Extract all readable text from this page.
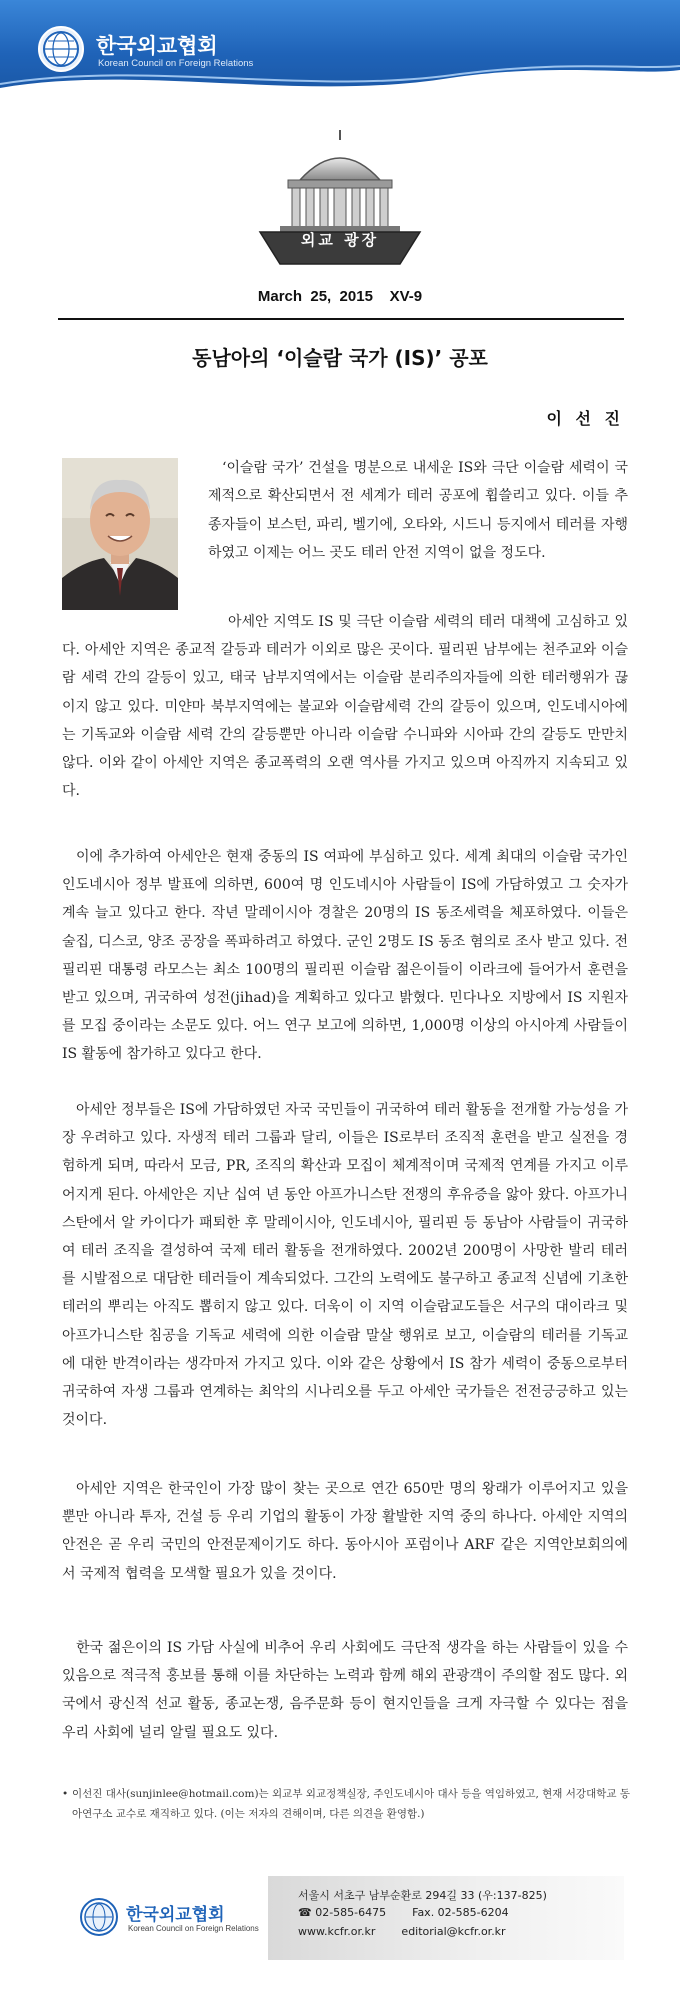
한국외교협회
Korean Council on Foreign Relations
외교 광장
March  25,  2015    XV-9
동남아의 ‘이슬람 국가 (IS)’ 공포
이 선 진
‘이슬람 국가’ 건설을 명분으로 내세운 IS와 극단 이슬람 세력이 국제적으로 확산되면서 전 세계가 테러 공포에 휩쓸리고 있다. 이들 추종자들이 보스턴, 파리, 벨기에, 오타와, 시드니 등지에서 테러를 자행하였고 이제는 어느 곳도 테러 안전 지역이 없을 정도다.
아세안 지역도 IS 및 극단 이슬람 세력의 테러 대책에 고심하고 있다. 아세안 지역은 종교적 갈등과 테러가 이외로 많은 곳이다. 필리핀 남부에는 천주교와 이슬람 세력 간의 갈등이 있고, 태국 남부지역에서는 이슬람 분리주의자들에 의한 테러행위가 끊이지 않고 있다. 미얀마 북부지역에는 불교와 이슬람세력 간의 갈등이 있으며, 인도네시아에는 기독교와 이슬람 세력 간의 갈등뿐만 아니라 이슬람 수니파와 시아파 간의 갈등도 만만치 않다. 이와 같이 아세안 지역은 종교폭력의 오랜 역사를 가지고 있으며 아직까지 지속되고 있다.
이에 추가하여 아세안은 현재 중동의 IS 여파에 부심하고 있다. 세계 최대의 이슬람 국가인 인도네시아 정부 발표에 의하면, 600여 명 인도네시아 사람들이 IS에 가담하였고 그 숫자가 계속 늘고 있다고 한다. 작년 말레이시아 경찰은 20명의 IS 동조세력을 체포하였다. 이들은 술집, 디스코, 양조 공장을 폭파하려고 하였다. 군인 2명도 IS 동조 혐의로 조사 받고 있다. 전 필리핀 대통령 라모스는 최소 100명의 필리핀 이슬람 젊은이들이 이라크에 들어가서 훈련을 받고 있으며, 귀국하여 성전(jihad)을 계획하고 있다고 밝혔다. 민다나오 지방에서 IS 지원자를 모집 중이라는 소문도 있다. 어느 연구 보고에 의하면, 1,000명 이상의 아시아계 사람들이 IS 활동에 참가하고 있다고 한다.
아세안 정부들은 IS에 가담하였던 자국 국민들이 귀국하여 테러 활동을 전개할 가능성을 가장 우려하고 있다. 자생적 테러 그룹과 달리, 이들은 IS로부터 조직적 훈련을 받고 실전을 경험하게 되며, 따라서 모금, PR, 조직의 확산과 모집이 체계적이며 국제적 연계를 가지고 이루어지게 된다. 아세안은 지난 십여 년 동안 아프가니스탄 전쟁의 후유증을 앓아 왔다. 아프가니스탄에서 알 카이다가 패퇴한 후 말레이시아, 인도네시아, 필리핀 등 동남아 사람들이 귀국하여 테러 조직을 결성하여 국제 테러 활동을 전개하였다. 2002년 200명이 사망한 발리 테러를 시발점으로 대담한 테러들이 계속되었다. 그간의 노력에도 불구하고 종교적 신념에 기초한 테러의 뿌리는 아직도 뽑히지 않고 있다. 더욱이 이 지역 이슬람교도들은 서구의 대이라크 및 아프가니스탄 침공을 기독교 세력에 의한 이슬람 말살 행위로 보고, 이슬람의 테러를 기독교에 대한 반격이라는 생각마저 가지고 있다. 이와 같은 상황에서 IS 참가 세력이 중동으로부터 귀국하여 자생 그룹과 연계하는 최악의 시나리오를 두고 아세안 국가들은 전전긍긍하고 있는 것이다.
아세안 지역은 한국인이 가장 많이 찾는 곳으로 연간 650만 명의 왕래가 이루어지고 있을 뿐만 아니라 투자, 건설 등 우리 기업의 활동이 가장 활발한 지역 중의 하나다. 아세안 지역의 안전은 곧 우리 국민의 안전문제이기도 하다. 동아시아 포럼이나 ARF 같은 지역안보회의에서 국제적 협력을 모색할 필요가 있을 것이다.
한국 젊은이의 IS 가담 사실에 비추어 우리 사회에도 극단적 생각을 하는 사람들이 있을 수 있음으로 적극적 홍보를 통해 이를 차단하는 노력과 함께 해외 관광객이 주의할 점도 많다. 외국에서 광신적 선교 활동, 종교논쟁, 음주문화 등이 현지인들을 크게 자극할 수 있다는 점을 우리 사회에 널리 알릴 필요도 있다.
• 이선진 대사(sunjinlee@hotmail.com)는 외교부 외교정책실장, 주인도네시아 대사 등을 역임하였고, 현재 서강대학교 동아연구소 교수로 재직하고 있다. (이는 저자의 견해이며, 다른 의견을 환영함.)
한국외교협회
Korean Council on Foreign Relations
서울시 서초구 남부순환로 294길 33 (우:137-825)
☎ 02-585-6475 Fax. 02-585-6204
www.kcfr.or.kr editorial@kcfr.or.kr
